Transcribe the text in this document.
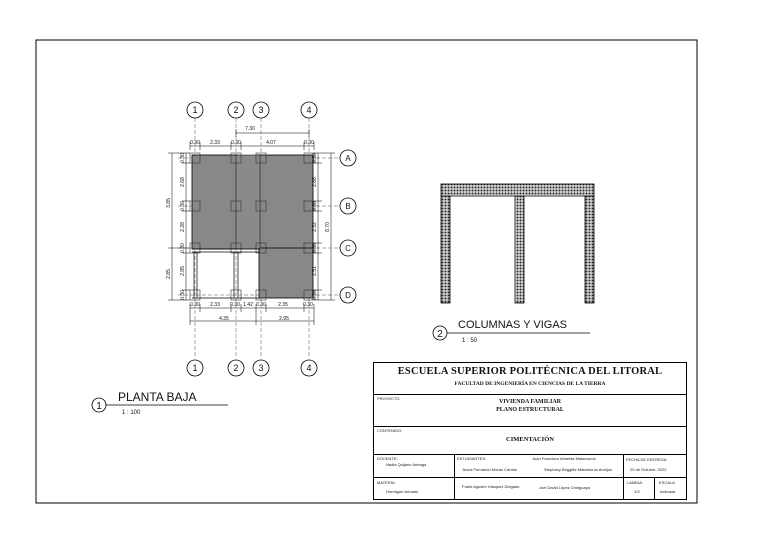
7.30
0.30 2.33 0.30	4.07	0.30
0.30 2.33 0.30 1.42 0.30 2.35	0.30
4.35	2.95
0.30
2.68
0.30
2.32
0.30
2.51
0.30
8.70
0.30
2.68
0.30
2.28
0.30
2.85
0.30
3.85
2.85
1	2 3	4
1	2 3	4
A
B
C
D
1
PLANTA BAJA
1 : 100
2
COLUMNAS Y VIGAS
1 : 50
ESCUELA SUPERIOR POLITÉCNICA DEL LITORAL
FACULTAD DE INGENIERÍA EN CIENCIAS DE LA TIERRA
PROYECTO:
VIVIENDA FAMILIAR
PLANO ESTRUCTURAL
CONTENIDO:
CIMENTACIÓN
DOCENTE:
Nadia Quijano Arteaga
MATERIA:
Hormigón Armado
ESTUDIANTES:
Jesús Fernando Morán Cantos
Juan Francisco Almeida Matamoros
Stephany Briggitte Matamoros Armijos
Frank Agustín Vásquez Delgado	Joel David López Chiriguaya
FECHA DE ENTREGA:
20 de Octubre, 2022
LAMINA:
1/3
ESCALA:
Indicada
